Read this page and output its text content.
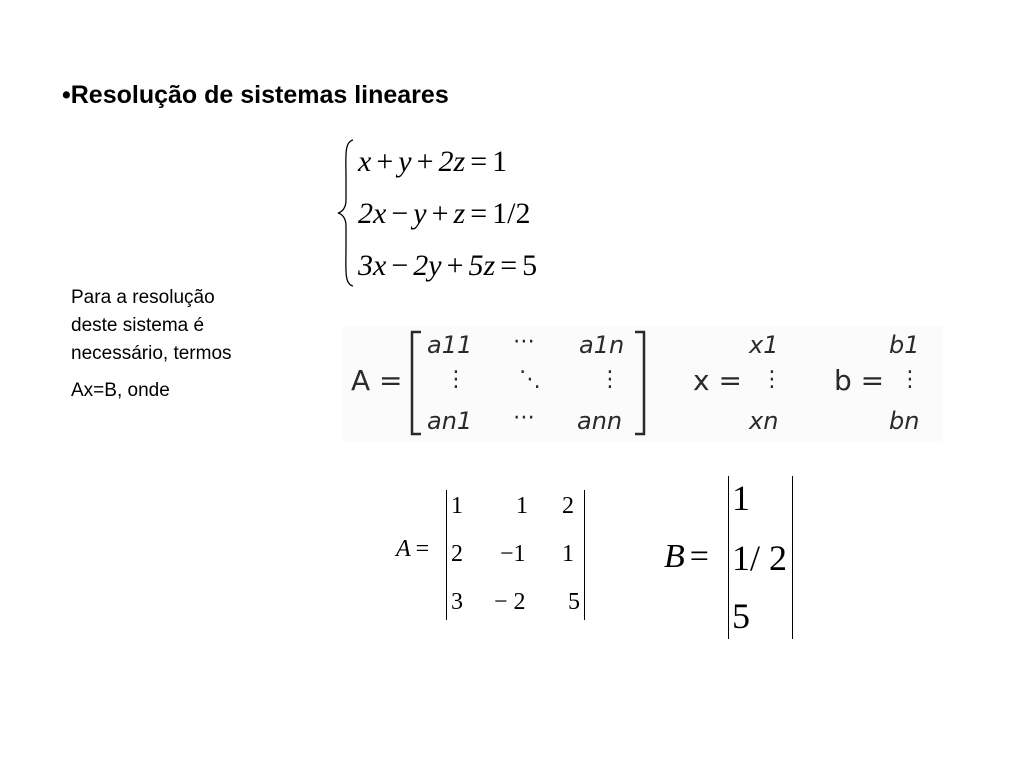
•Resolução de sistemas lineares
x + y + 2z = 1
2x − y + z = 1/2
3x − 2y + 5z = 5
Para a resolução
deste sistema é
necessário, termos
Ax=B, onde	A =
a11 ⋯ a1n
⋮ ⋱	⋮
an1 ⋯ ann
x =
x1
⋮
xn
b =
b1
⋮
bn
A =
1 1 2
2 −1 1
3 − 2 5
B =
1
1/ 2
5
